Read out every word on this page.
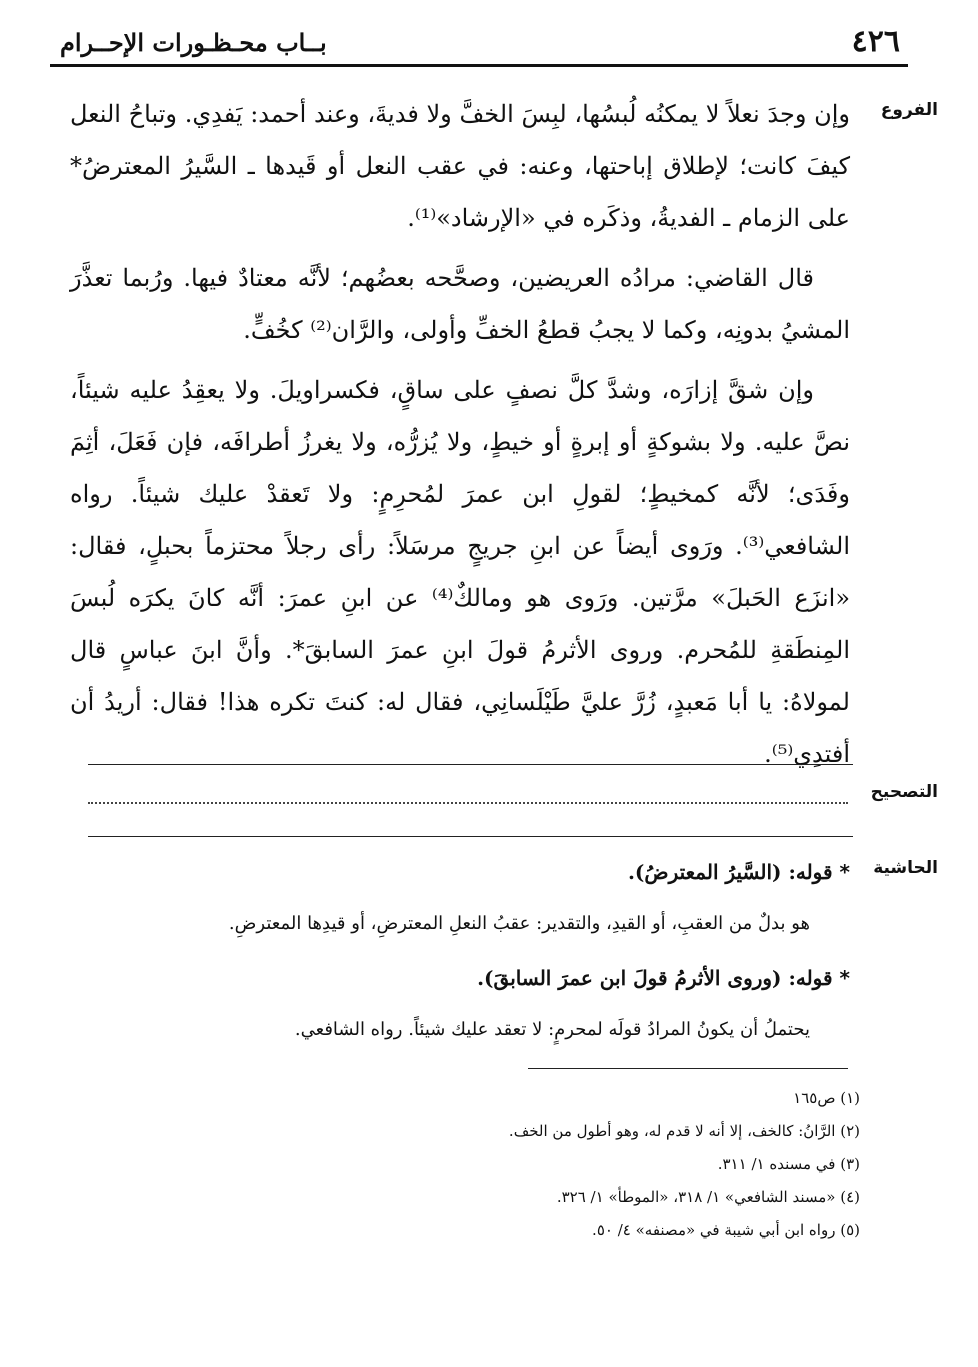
٤٢٦
بــاب محـظـورات الإحــرام
الفروع

وإن وجدَ نعلاً لا يمكنُه لُبسُها، لبِسَ الخفَّ ولا فديةَ، وعند أحمد: يَفدِي. وتباحُ النعل كيفَ كانت؛ لإطلاق إباحتها، وعنه: في عقب النعل أو قَيدها ـ السَّيرُ المعترضُ* على الزمام ـ الفديةُ، وذكَره في «الإرشاد»⁽¹⁾.

قال القاضي: مرادُه العريضين، وصحَّحه بعضُهم؛ لأنَّه معتادٌ فيها. ورُبما تعذَّرَ المشيُ بدونِه، وكما لا يجبُ قطعُ الخفِّ وأولى، والرَّان⁽²⁾ كخُفٍّ.

وإن شقَّ إزارَه، وشدَّ كلَّ نصفٍ على ساقٍ، فكسراويلَ. ولا يعقِدُ عليه شيئاً، نصَّ عليه. ولا بشوكةٍ أو إبرةٍ أو خيطٍ، ولا يُزرُّه، ولا يغرزُ أطرافَه، فإن فَعَلَ، أثِمَ وفَدَى؛ لأنَّه كمخيطٍ؛ لقولِ ابن عمرَ لمُحرِمٍ: ولا تَعقدْ عليك شيئاً. رواه الشافعي⁽³⁾. ورَوى أيضاً عن ابنِ جريجٍ مرسَلاً: رأى رجلاً محتزماً بحبلٍ، فقال: «انزَع الحَبلَ» مرَّتين. ورَوى هو ومالكٌ⁽⁴⁾ عن ابنِ عمرَ: أنَّه كانَ يكرَه لُبسَ المِنطَقةِ للمُحرم. وروى الأثرمُ قولَ ابنِ عمرَ السابقَ*. وأنَّ ابنَ عباسٍ قال لمولاهُ: يا أبا مَعبدٍ، زُرَّ عليَّ طَيْلَسانِي، فقال له: كنتَ تكره هذا! فقال: أريدُ أن أفتدِي⁽⁵⁾.

التصحيح
الحاشية
* قوله: (السَّيرُ المعترضُ).
هو بدلٌ من العقبِ، أو القيدِ، والتقدير: عقبُ النعلِ المعترضِ، أو قيدِها المعترضِ.
* قوله: (وروى الأثرمُ قولَ ابن عمرَ السابقَ).
يحتملُ أن يكونُ المرادُ قولَه لمحرمٍ: لا تعقد عليك شيئاً. رواه الشافعي.
(١) ص١٦٥
(٢) الرَّانُ: كالخف، إلا أنه لا قدم له، وهو أطول من الخف.
(٣) في مسنده ١/ ٣١١.
(٤) «مسند الشافعي» ١/ ٣١٨، «الموطأ» ١/ ٣٢٦.
(٥) رواه ابن أبي شيبة في «مصنفه» ٤/ ٥٠.
